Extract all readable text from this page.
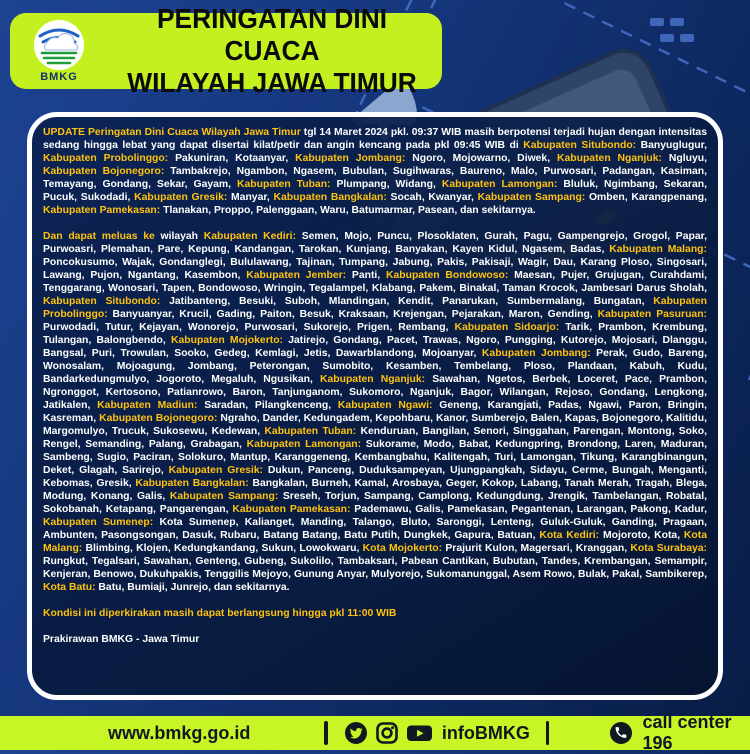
BMKG
PERINGATAN DINI CUACA
WILAYAH JAWA TIMUR

UPDATE Peringatan Dini Cuaca Wilayah Jawa Timur tgl 14 Maret 2024 pkl. 09:37 WIB masih berpotensi terjadi hujan dengan intensitas sedang hingga lebat yang dapat disertai kilat/petir dan angin kencang pada pkl 09:45 WIB di Kabupaten Situbondo: Banyuglugur, Kabupaten Probolinggo: Pakuniran, Kotaanyar, Kabupaten Jombang: Ngoro, Mojowarno, Diwek, Kabupaten Nganjuk: Ngluyu, Kabupaten Bojonegoro: Tambakrejo, Ngambon, Ngasem, Bubulan, Sugihwaras, Baureno, Malo, Purwosari, Padangan, Kasiman, Temayang, Gondang, Sekar, Gayam, Kabupaten Tuban: Plumpang, Widang, Kabupaten Lamongan: Bluluk, Ngimbang, Sekaran, Pucuk, Sukodadi, Kabupaten Gresik: Manyar, Kabupaten Bangkalan: Socah, Kwanyar, Kabupaten Sampang: Omben, Karangpenang, Kabupaten Pamekasan: Tlanakan, Proppo, Palenggaan, Waru, Batumarmar, Pasean, dan sekitarnya.

Dan dapat meluas ke wilayah Kabupaten Kediri: Semen, Mojo, Puncu, Plosoklaten, Gurah, Pagu, Gampengrejo, Grogol, Papar, Purwoasri, Plemahan, Pare, Kepung, Kandangan, Tarokan, Kunjang, Banyakan, Kayen Kidul, Ngasem, Badas, Kabupaten Malang: Poncokusumo, Wajak, Gondanglegi, Bululawang, Tajinan, Tumpang, Jabung, Pakis, Pakisaji, Wagir, Dau, Karang Ploso, Singosari, Lawang, Pujon, Ngantang, Kasembon, Kabupaten Jember: Panti, Kabupaten Bondowoso: Maesan, Pujer, Grujugan, Curahdami, Tenggarang, Wonosari, Tapen, Bondowoso, Wringin, Tegalampel, Klabang, Pakem, Binakal, Taman Krocok, Jambesari Darus Sholah, Kabupaten Situbondo: Jatibanteng, Besuki, Suboh, Mlandingan, Kendit, Panarukan, Sumbermalang, Bungatan, Kabupaten Probolinggo: Banyuanyar, Krucil, Gading, Paiton, Besuk, Kraksaan, Krejengan, Pejarakan, Maron, Gending, Kabupaten Pasuruan: Purwodadi, Tutur, Kejayan, Wonorejo, Purwosari, Sukorejo, Prigen, Rembang, Kabupaten Sidoarjo: Tarik, Prambon, Krembung, Tulangan, Balongbendo, Kabupaten Mojokerto: Jatirejo, Gondang, Pacet, Trawas, Ngoro, Pungging, Kutorejo, Mojosari, Dlanggu, Bangsal, Puri, Trowulan, Sooko, Gedeg, Kemlagi, Jetis, Dawarblandong, Mojoanyar, Kabupaten Jombang: Perak, Gudo, Bareng, Wonosalam, Mojoagung, Jombang, Peterongan, Sumobito, Kesamben, Tembelang, Ploso, Plandaan, Kabuh, Kudu, Bandarkedungmulyo, Jogoroto, Megaluh, Ngusikan, Kabupaten Nganjuk: Sawahan, Ngetos, Berbek, Loceret, Pace, Prambon, Ngronggot, Kertosono, Patianrowo, Baron, Tanjunganom, Sukomoro, Nganjuk, Bagor, Wilangan, Rejoso, Gondang, Lengkong, Jatikalen, Kabupaten Madiun: Saradan, Pilangkenceng, Kabupaten Ngawi: Geneng, Karangjati, Padas, Ngawi, Paron, Bringin, Kasreman, Kabupaten Bojonegoro: Ngraho, Dander, Kedungadem, Kepohbaru, Kanor, Sumberejo, Balen, Kapas, Bojonegoro, Kalitidu, Margomulyo, Trucuk, Sukosewu, Kedewan, Kabupaten Tuban: Kenduruan, Bangilan, Senori, Singgahan, Parengan, Montong, Soko, Rengel, Semanding, Palang, Grabagan, Kabupaten Lamongan: Sukorame, Modo, Babat, Kedungpring, Brondong, Laren, Maduran, Sambeng, Sugio, Paciran, Solokuro, Mantup, Karanggeneng, Kembangbahu, Kalitengah, Turi, Lamongan, Tikung, Karangbinangun, Deket, Glagah, Sarirejo, Kabupaten Gresik: Dukun, Panceng, Duduksampeyan, Ujungpangkah, Sidayu, Cerme, Bungah, Menganti, Kebomas, Gresik, Kabupaten Bangkalan: Bangkalan, Burneh, Kamal, Arosbaya, Geger, Kokop, Labang, Tanah Merah, Tragah, Blega, Modung, Konang, Galis, Kabupaten Sampang: Sreseh, Torjun, Sampang, Camplong, Kedungdung, Jrengik, Tambelangan, Robatal, Sokobanah, Ketapang, Pangarengan, Kabupaten Pamekasan: Pademawu, Galis, Pamekasan, Pegantenan, Larangan, Pakong, Kadur, Kabupaten Sumenep: Kota Sumenep, Kalianget, Manding, Talango, Bluto, Saronggi, Lenteng, Guluk-Guluk, Ganding, Pragaan, Ambunten, Pasongsongan, Dasuk, Rubaru, Batang Batang, Batu Putih, Dungkek, Gapura, Batuan, Kota Kediri: Mojoroto, Kota, Kota Malang: Blimbing, Klojen, Kedungkandang, Sukun, Lowokwaru, Kota Mojokerto: Prajurit Kulon, Magersari, Kranggan, Kota Surabaya: Rungkut, Tegalsari, Sawahan, Genteng, Gubeng, Sukolilo, Tambaksari, Pabean Cantikan, Bubutan, Tandes, Krembangan, Semampir, Kenjeran, Benowo, Dukuhpakis, Tenggilis Mejoyo, Gunung Anyar, Mulyorejo, Sukomanunggal, Asem Rowo, Bulak, Pakal, Sambikerep, Kota Batu: Batu, Bumiaji, Junrejo, dan sekitarnya.

Kondisi ini diperkirakan masih dapat berlangsung hingga pkl 11:00 WIB

Prakirawan BMKG - Jawa Timur

www.bmkg.go.id	infoBMKG
call center 196
